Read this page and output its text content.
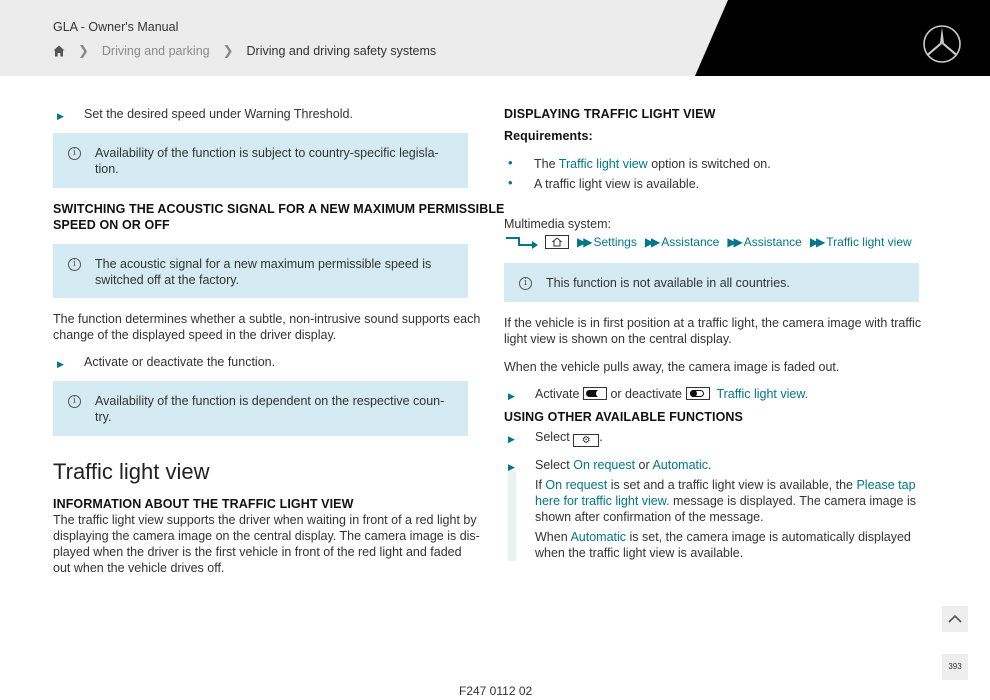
GLA - Owner's Manual
❯ Driving and parking ❯ Driving and driving safety systems
▶ Set the desired speed under Warning Threshold.
i	Availability of the function is subject to country-specific legisla-
tion.
SWITCHING THE ACOUSTIC SIGNAL FOR A NEW MAXIMUM PERMISSIBLE
SPEED ON OR OFF
i	The acoustic signal for a new maximum permissible speed is
switched off at the factory.
The function determines whether a subtle, non-intrusive sound supports each
change of the displayed speed in the driver display.
▶ Activate or deactivate the function.
i	Availability of the function is dependent on the respective coun-
try.
Traffic light view
INFORMATION ABOUT THE TRAFFIC LIGHT VIEW
The traffic light view supports the driver when waiting in front of a red light by
displaying the camera image on the central display. The camera image is dis-
played when the driver is the first vehicle in front of the red light and faded
out when the vehicle drives off.
DISPLAYING TRAFFIC LIGHT VIEW
Requirements:
• The Traffic light view option is switched on.
• A traffic light view is available.
Multimedia system:
▶▶ Settings ▶▶ Assistance ▶▶ Assistance ▶▶ Traffic light view
i	This function is not available in all countries.
If the vehicle is in first position at a traffic light, the camera image with traffic
light view is shown on the central display.
When the vehicle pulls away, the camera image is faded out.
▶ Activate or deactivate	Traffic light view.
USING OTHER AVAILABLE FUNCTIONS
▶ Select ⚙ .
▶ Select On request or Automatic.
If On request is set and a traffic light view is available, the Please tap
here for traffic light view. message is displayed. The camera image is
shown after confirmation of the message.
When Automatic is set, the camera image is automatically displayed
when the traffic light view is available.
393
F247 0112 02
